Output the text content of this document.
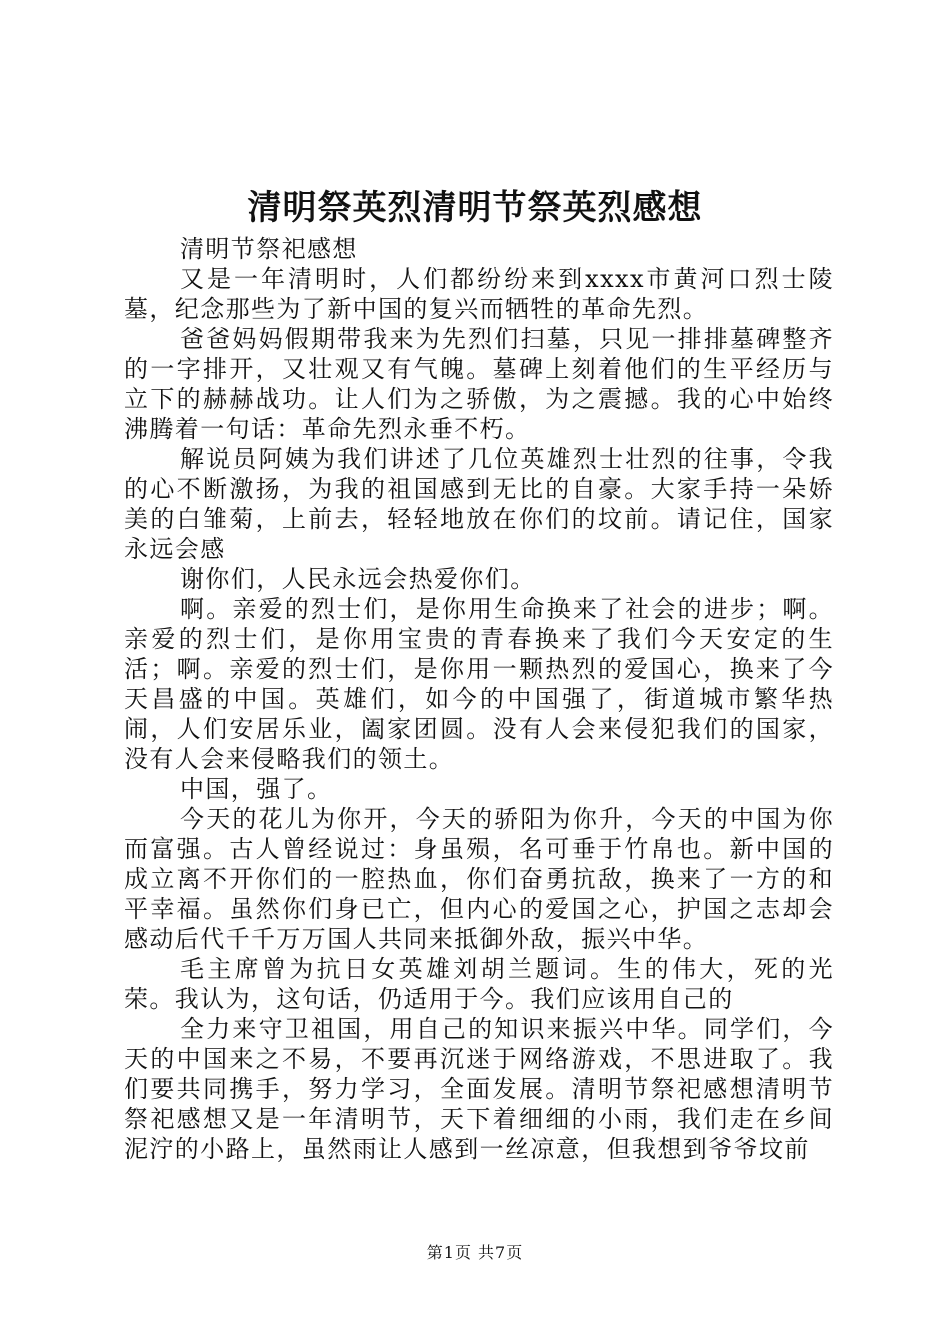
清明祭英烈清明节祭英烈感想

清明节祭祀感想

又是一年清明时，人们都纷纷来到xxxx市黄河口烈士陵墓，纪念那些为了新中国的复兴而牺牲的革命先烈。

爸爸妈妈假期带我来为先烈们扫墓，只见一排排墓碑整齐的一字排开，又壮观又有气魄。墓碑上刻着他们的生平经历与立下的赫赫战功。让人们为之骄傲，为之震撼。我的心中始终沸腾着一句话：革命先烈永垂不朽。

解说员阿姨为我们讲述了几位英雄烈士壮烈的往事，令我的心不断激扬，为我的祖国感到无比的自豪。大家手持一朵娇美的白雏菊，上前去，轻轻地放在你们的坟前。请记住，国家永远会感

谢你们，人民永远会热爱你们。

啊。亲爱的烈士们，是你用生命换来了社会的进步；啊。亲爱的烈士们，是你用宝贵的青春换来了我们今天安定的生活；啊。亲爱的烈士们，是你用一颗热烈的爱国心，换来了今天昌盛的中国。英雄们，如今的中国强了，街道城市繁华热闹，人们安居乐业，阖家团圆。没有人会来侵犯我们的国家，没有人会来侵略我们的领土。

中国，强了。

今天的花儿为你开，今天的骄阳为你升，今天的中国为你而富强。古人曾经说过：身虽殒，名可垂于竹帛也。新中国的成立离不开你们的一腔热血，你们奋勇抗敌，换来了一方的和平幸福。虽然你们身已亡，但内心的爱国之心，护国之志却会感动后代千千万万国人共同来抵御外敌，振兴中华。

毛主席曾为抗日女英雄刘胡兰题词。生的伟大，死的光荣。我认为，这句话，仍适用于今。我们应该用自己的

全力来守卫祖国，用自己的知识来振兴中华。同学们，今天的中国来之不易，不要再沉迷于网络游戏，不思进取了。我们要共同携手，努力学习，全面发展。清明节祭祀感想清明节祭祀感想又是一年清明节，天下着细细的小雨，我们走在乡间泥泞的小路上，虽然雨让人感到一丝凉意，但我想到爷爷坟前

第1页 共7页
